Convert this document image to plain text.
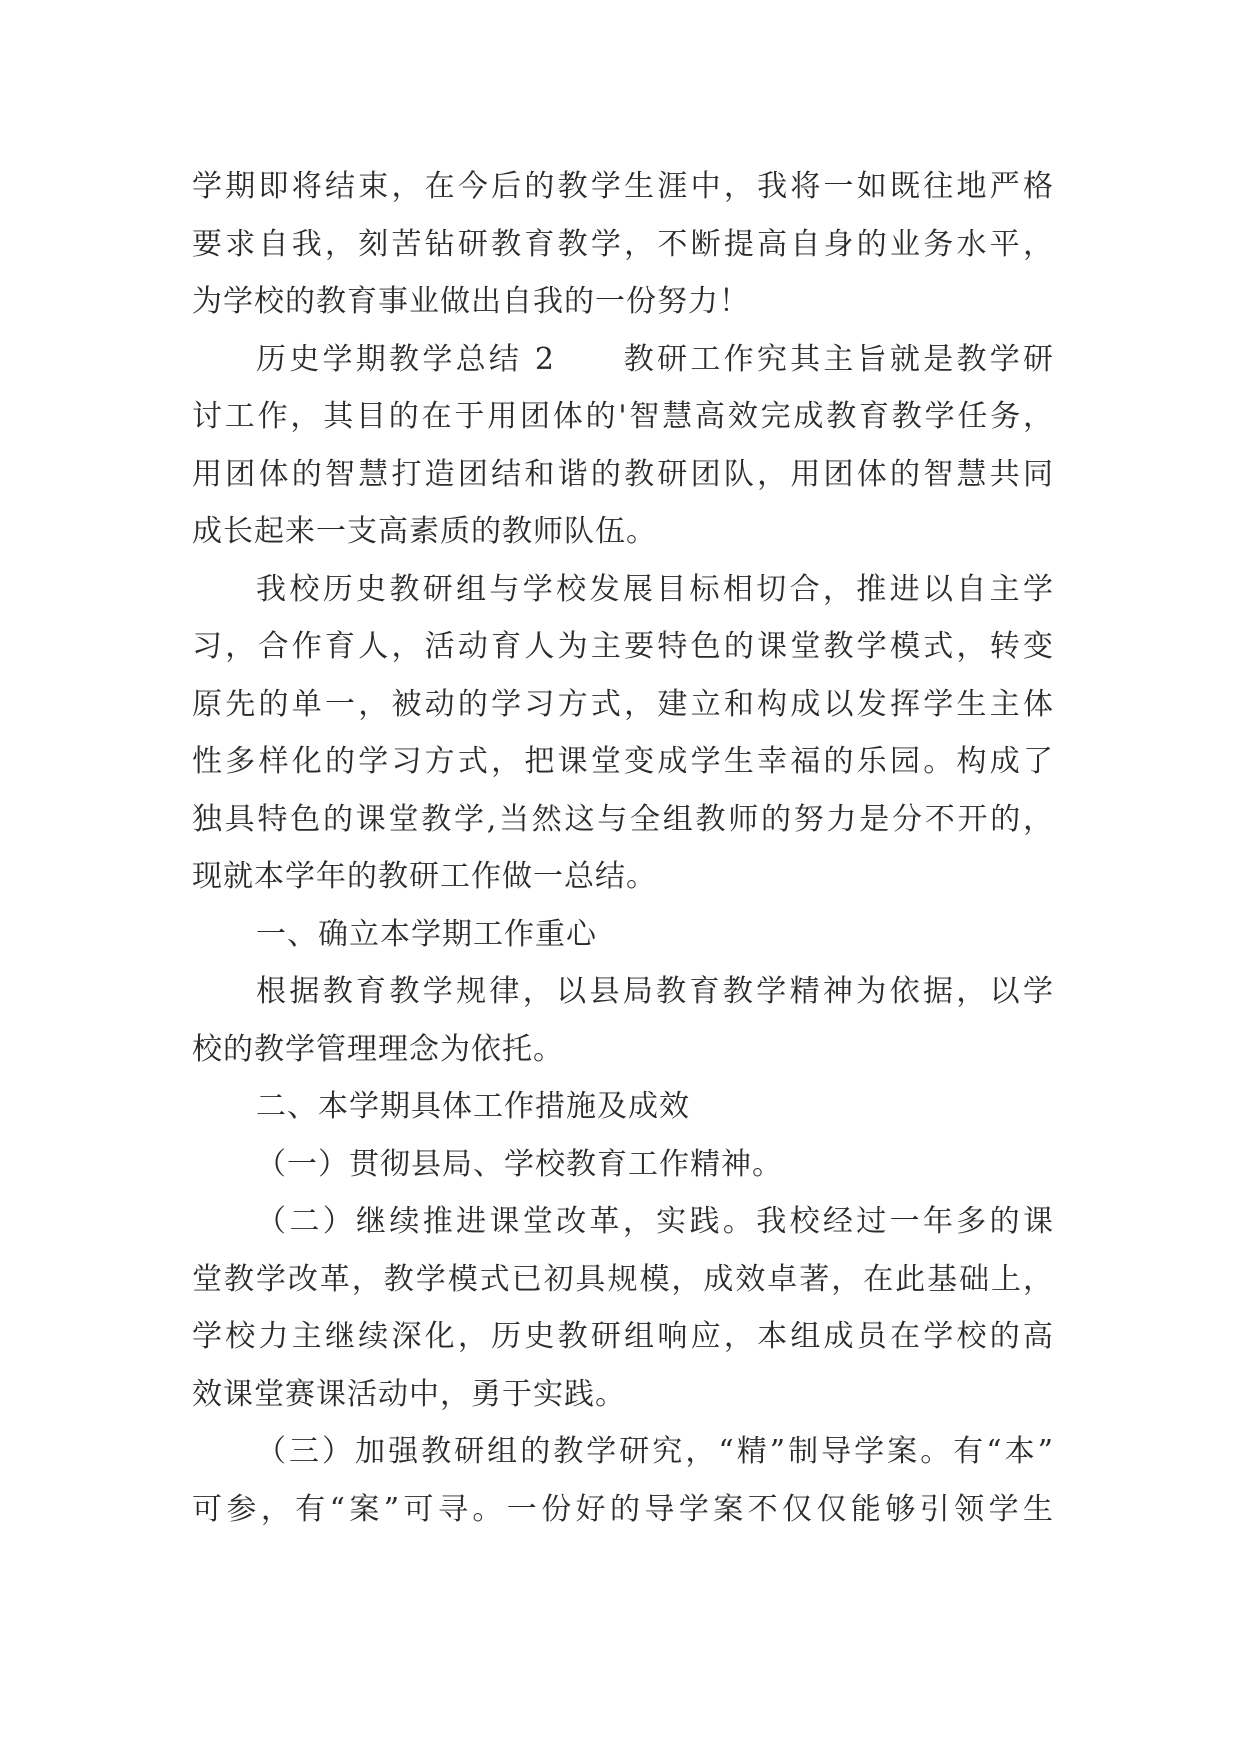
学期即将结束，在今后的教学生涯中，我将一如既往地严格
要求自我，刻苦钻研教育教学，不断提高自身的业务水平，
为学校的教育事业做出自我的一份努力！
历史学期教学总结 2　　教研工作究其主旨就是教学研
讨工作，其目的在于用团体的'智慧高效完成教育教学任务，
用团体的智慧打造团结和谐的教研团队，用团体的智慧共同
成长起来一支高素质的教师队伍。
我校历史教研组与学校发展目标相切合，推进以自主学
习，合作育人，活动育人为主要特色的课堂教学模式，转变
原先的单一，被动的学习方式，建立和构成以发挥学生主体
性多样化的学习方式，把课堂变成学生幸福的乐园。构成了
独具特色的课堂教学,当然这与全组教师的努力是分不开的，
现就本学年的教研工作做一总结。
一、确立本学期工作重心
根据教育教学规律，以县局教育教学精神为依据，以学
校的教学管理理念为依托。
二、本学期具体工作措施及成效
（一）贯彻县局、学校教育工作精神。
（二）继续推进课堂改革，实践。我校经过一年多的课
堂教学改革，教学模式已初具规模，成效卓著，在此基础上，
学校力主继续深化，历史教研组响应，本组成员在学校的高
效课堂赛课活动中，勇于实践。
（三）加强教研组的教学研究，“精”制导学案。有“本”
可参，有“案”可寻。一份好的导学案不仅仅能够引领学生
